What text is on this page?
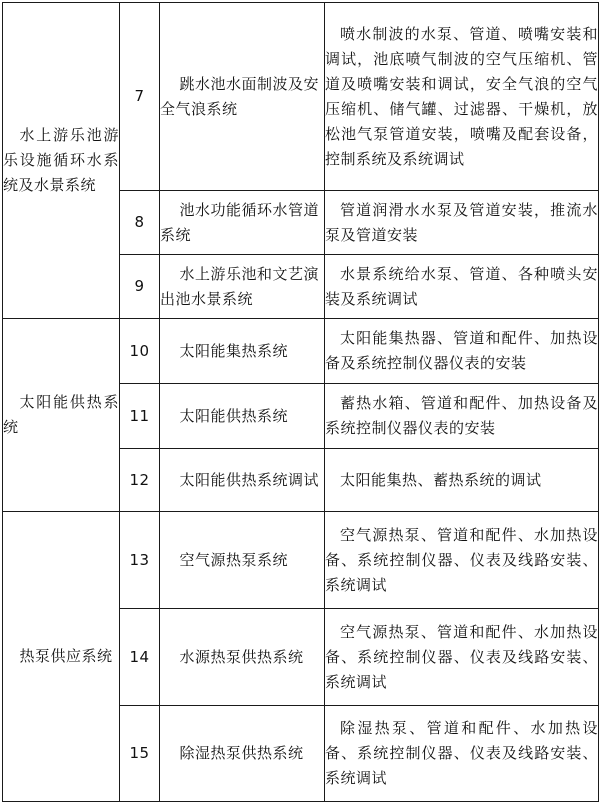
水上游乐池游乐设施循环水系统及水景系统	7	跳水池水面制波及安全气浪系统	喷水制波的水泵、管道、喷嘴安装和调试，池底喷气制波的空气压缩机、管道及喷嘴安装和调试，安全气浪的空气压缩机、储气罐、过滤器、干燥机，放松池气泵管道安装，喷嘴及配套设备，控制系统及系统调试

	8	池水功能循环水管道系统	管道润滑水水泵及管道安装，推流水泵及管道安装

	9	水上游乐池和文艺演出池水景系统	水景系统给水泵、管道、各种喷头安装及系统调试

太阳能供热系统	10	太阳能集热系统	太阳能集热器、管道和配件、加热设备及系统控制仪器仪表的安装

	11	太阳能供热系统	蓄热水箱、管道和配件、加热设备及系统控制仪器仪表的安装

	12	太阳能供热系统调试	太阳能集热、蓄热系统的调试

热泵供应系统	13	空气源热泵系统	空气源热泵、管道和配件、水加热设备、系统控制仪器、仪表及线路安装、系统调试

	14	水源热泵供热系统	空气源热泵、管道和配件、水加热设备、系统控制仪器、仪表及线路安装、系统调试

	15	除湿热泵供热系统	除湿热泵、管道和配件、水加热设备、系统控制仪器、仪表及线路安装、系统调试
